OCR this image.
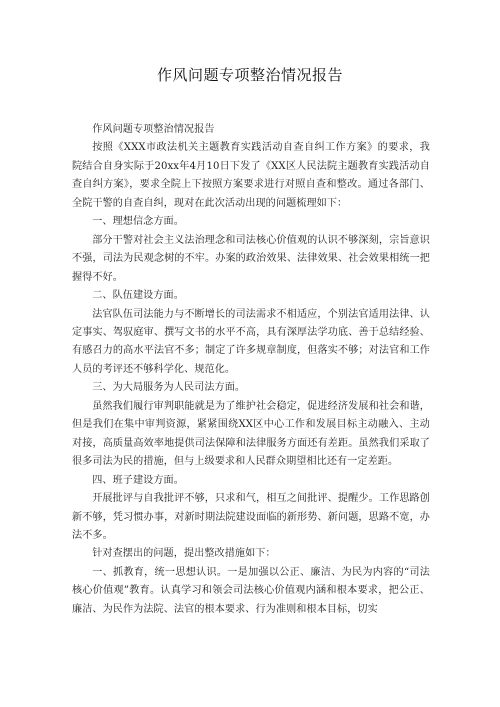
作风问题专项整治情况报告

作风问题专项整治情况报告

按照《XXX市政法机关主题教育实践活动自查自纠工作方案》的要求，我院结合自身实际于20xx年4月10日下发了《XX区人民法院主题教育实践活动自查自纠方案》，要求全院上下按照方案要求进行对照自查和整改。通过各部门、全院干警的自查自纠，现对在此次活动出现的问题梳理如下：

一、理想信念方面。

部分干警对社会主义法治理念和司法核心价值观的认识不够深刻，宗旨意识不强，司法为民观念树的不牢。办案的政治效果、法律效果、社会效果相统一把握得不好。

二、队伍建设方面。

法官队伍司法能力与不断增长的司法需求不相适应，个别法官适用法律、认定事实、驾驭庭审、撰写文书的水平不高，具有深厚法学功底、善于总结经验、有感召力的高水平法官不多；制定了许多规章制度，但落实不够；对法官和工作人员的考评还不够科学化、规范化。

三、为大局服务为人民司法方面。

虽然我们履行审判职能就是为了维护社会稳定，促进经济发展和社会和谐，但是我们在集中审判资源，紧紧围绕XX区中心工作和发展目标主动融入、主动对接，高质量高效率地提供司法保障和法律服务方面还有差距。虽然我们采取了很多司法为民的措施，但与上级要求和人民群众期望相比还有一定差距。

四、班子建设方面。

开展批评与自我批评不够，只求和气，相互之间批评、提醒少。工作思路创新不够，凭习惯办事，对新时期法院建设面临的新形势、新问题，思路不宽，办法不多。

针对查摆出的问题，提出整改措施如下：

一、抓教育，统一思想认识。一是加强以公正、廉洁、为民为内容的“司法核心价值观”教育。认真学习和领会司法核心价值观内涵和根本要求，把公正、廉洁、为民作为法院、法官的根本要求、行为准则和根本目标，切实
